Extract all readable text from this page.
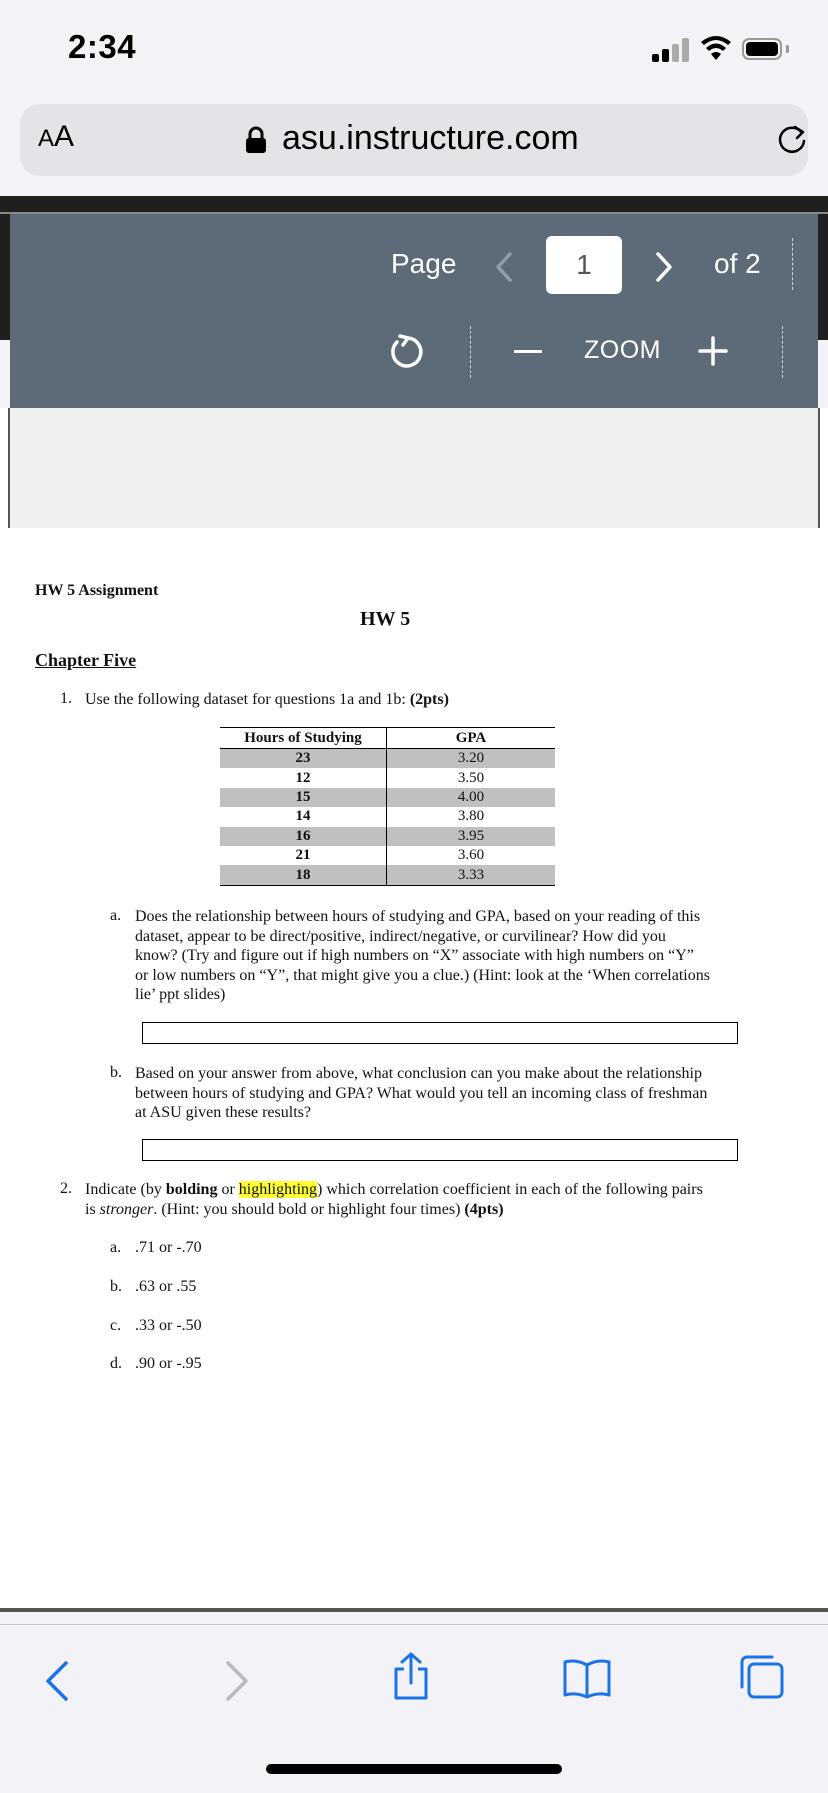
2:34
AA	asu.instructure.com
Page
1	of 2
ZOOM
HW 5 Assignment
HW 5
Chapter Five
1. Use the following dataset for questions 1a and 1b: (2pts)
Hours of Studying	GPA
23	3.20
12	3.50
15	4.00
14	3.80
16	3.95
21	3.60
18	3.33
a. Does the relationship between hours of studying and GPA, based on your reading of this
dataset, appear to be direct/positive, indirect/negative, or curvilinear? How did you
know? (Try and figure out if high numbers on “X” associate with high numbers on “Y”
or low numbers on “Y”, that might give you a clue.) (Hint: look at the ‘When correlations
lie’ ppt slides)
b. Based on your answer from above, what conclusion can you make about the relationship
between hours of studying and GPA? What would you tell an incoming class of freshman
at ASU given these results?
2. Indicate (by bolding or highlighting) which correlation coefficient in each of the following pairs
is stronger. (Hint: you should bold or highlight four times) (4pts)
a. .71 or -.70
b. .63 or .55
c. .33 or -.50
d. .90 or -.95
